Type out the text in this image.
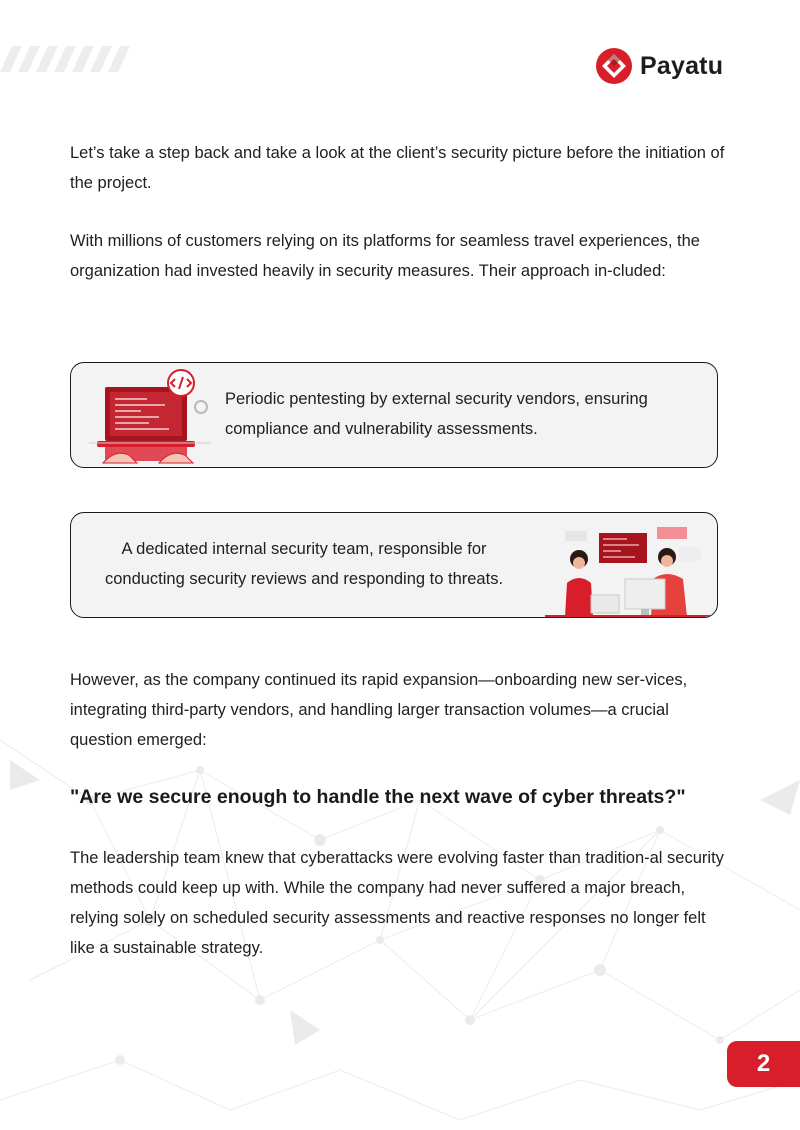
Payatu

Let’s take a step back and take a look at the client’s security picture before the initiation of the project.

With millions of customers relying on its platforms for seamless travel experiences, the organization had invested heavily in security measures. Their approach in-cluded:

Periodic pentesting by external security vendors, ensuring compliance and vulnerability assessments.

A dedicated internal security team, responsible for conducting security reviews and responding to threats.

However, as the company continued its rapid expansion—onboarding new ser-vices, integrating third-party vendors, and handling larger transaction volumes—a crucial question emerged:

"Are we secure enough to handle the next wave of cyber threats?"

The leadership team knew that cyberattacks were evolving faster than tradition-al security methods could keep up with. While the company had never suffered a major breach, relying solely on scheduled security assessments and reactive responses no longer felt like a sustainable strategy.

2
